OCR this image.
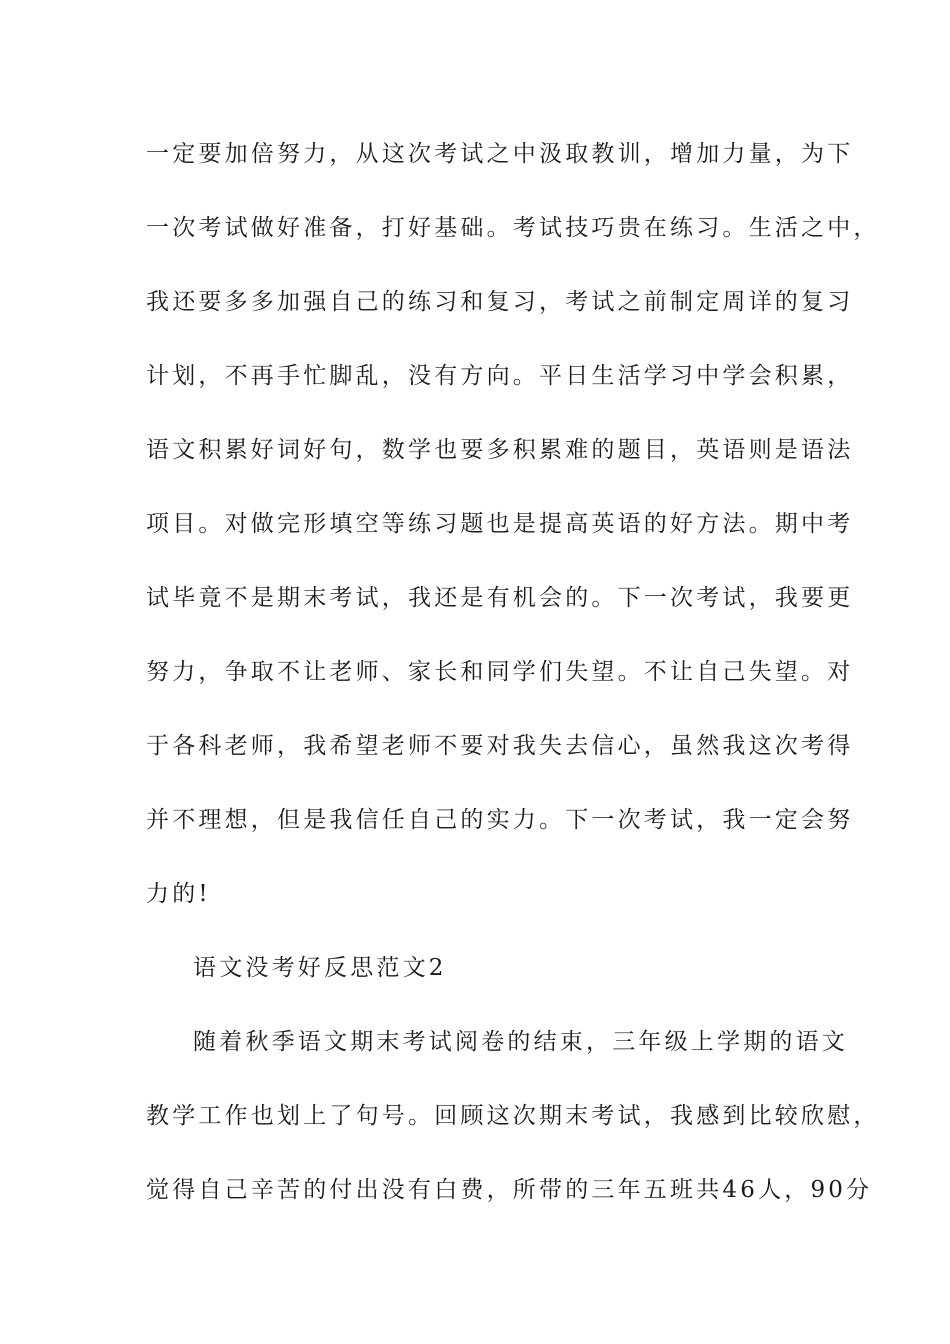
一定要加倍努力，从这次考试之中汲取教训，增加力量，为下
一次考试做好准备，打好基础。考试技巧贵在练习。生活之中，
我还要多多加强自己的练习和复习，考试之前制定周详的复习
计划，不再手忙脚乱，没有方向。平日生活学习中学会积累，
语文积累好词好句，数学也要多积累难的题目，英语则是语法
项目。对做完形填空等练习题也是提高英语的好方法。期中考
试毕竟不是期末考试，我还是有机会的。下一次考试，我要更
努力，争取不让老师、家长和同学们失望。不让自己失望。对
于各科老师，我希望老师不要对我失去信心，虽然我这次考得
并不理想，但是我信任自己的实力。下一次考试，我一定会努
力的!
语文没考好反思范文2
随着秋季语文期末考试阅卷的结束，三年级上学期的语文
教学工作也划上了句号。回顾这次期末考试，我感到比较欣慰，
觉得自己辛苦的付出没有白费，所带的三年五班共46人，90分
